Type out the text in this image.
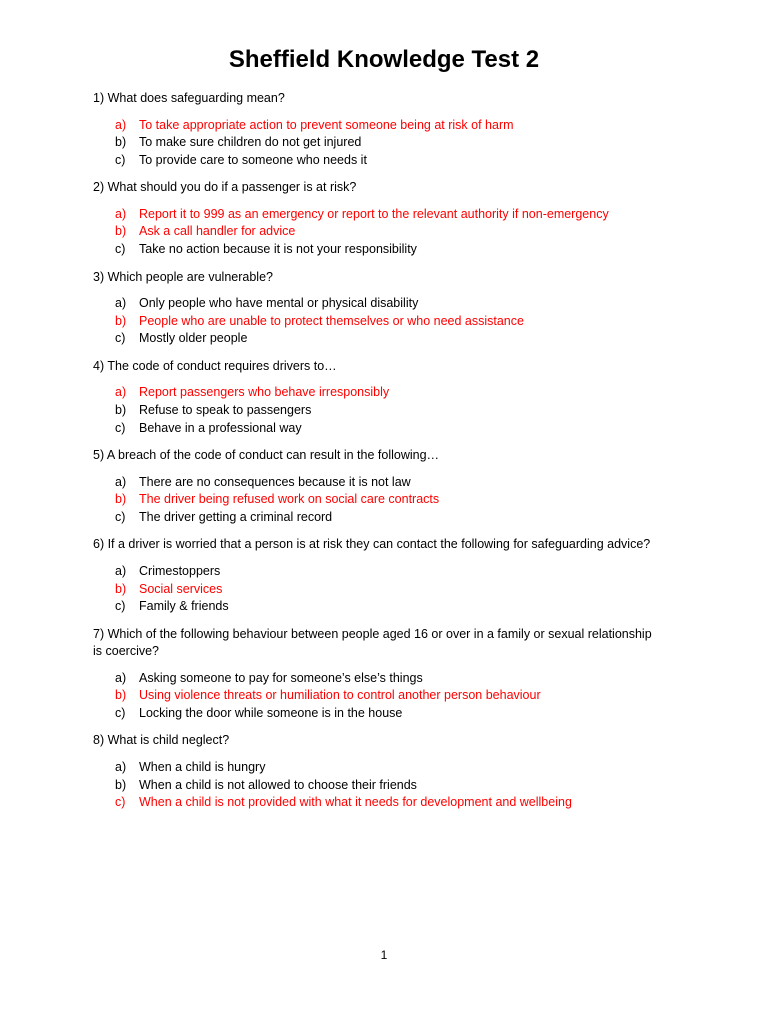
Sheffield Knowledge Test 2

1) What does safeguarding mean?

a) To take appropriate action to prevent someone being at risk of harm
b) To make sure children do not get injured
c) To provide care to someone who needs it

2) What should you do if a passenger is at risk?

a) Report it to 999 as an emergency or report to the relevant authority if non-emergency
b) Ask a call handler for advice
c) Take no action because it is not your responsibility

3) Which people are vulnerable?

a) Only people who have mental or physical disability
b) People who are unable to protect themselves or who need assistance
c) Mostly older people

4) The code of conduct requires drivers to…

a) Report passengers who behave irresponsibly
b) Refuse to speak to passengers
c) Behave in a professional way

5) A breach of the code of conduct can result in the following…

a) There are no consequences because it is not law
b) The driver being refused work on social care contracts
c) The driver getting a criminal record

6) If a driver is worried that a person is at risk they can contact the following for safeguarding advice?

a) Crimestoppers
b) Social services
c) Family & friends

7) Which of the following behaviour between people aged 16 or over in a family or sexual relationship is coercive?

a) Asking someone to pay for someone’s else’s things
b) Using violence threats or humiliation to control another person behaviour
c) Locking the door while someone is in the house

8) What is child neglect?

a) When a child is hungry
b) When a child is not allowed to choose their friends
c) When a child is not provided with what it needs for development and wellbeing
1
